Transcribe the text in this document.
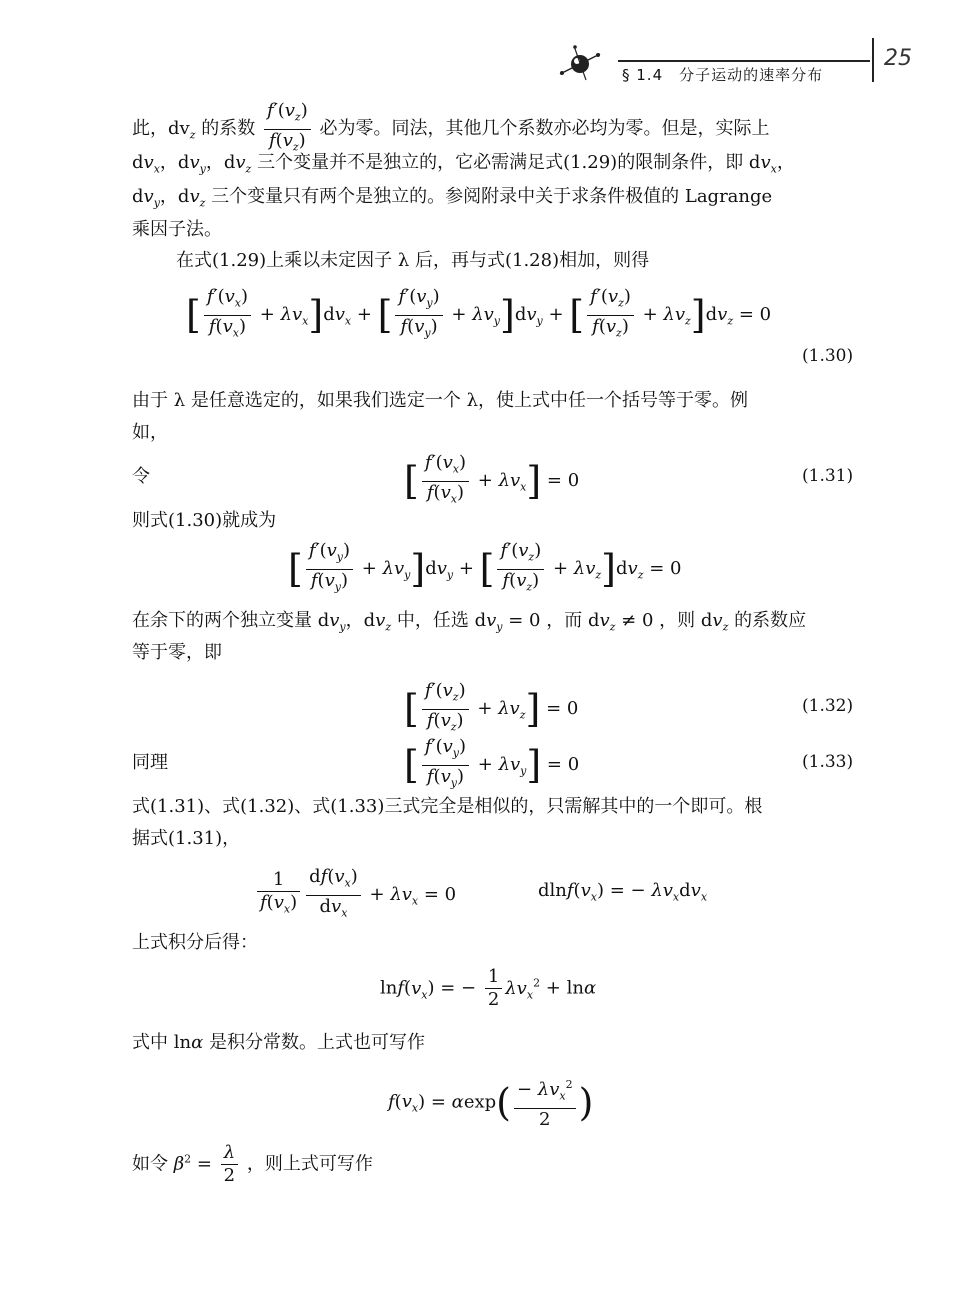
§ 1.4 分子运动的速率分布
25
此，$dv_z$ 的系数 $\frac{f'(v_z)}{f(v_z)}$ 必为零。同法，其他几个系数亦必均为零。但是，实际上
$dv_x$，$dv_y$，$dv_z$ 三个变量并不是独立的，它必需满足式(1.29)的限制条件，即 $dv_x$，
$dv_y$，$dv_z$ 三个变量只有两个是独立的。参阅附录中关于求条件极值的 Lagrange
乘因子法。
在式(1.29)上乘以未定因子 λ 后，再与式(1.28)相加，则得
[ $\frac{f'(v_x)}{f(v_x)} + \lambda v_x]dv_x$ + [ $\frac{f'(v_y)}{f(v_y)} + \lambda v_y]dv_y$ + [ $\frac{f'(v_z)}{f(v_z)} + \lambda v_z]dv_z = 0$
(1.30)
由于 λ 是任意选定的，如果我们选定一个 λ，使上式中任一个括号等于零。例
如，
令	[ $\frac{f'(v_x)}{f(v_x)} + \lambda v_x] = 0$	(1.31)
则式(1.30)就成为
[ $\frac{f'(v_y)}{f(v_y)} + \lambda v_y]dv_y$ + [ $\frac{f'(v_z)}{f(v_z)} + \lambda v_z]dv_z = 0$
在余下的两个独立变量 $dv_y$，$dv_z$ 中，任选 $dv_y = 0$ ，而 $dv_z \ne 0$ ，则 $dv_z$ 的系数应
等于零，即
[ $\frac{f'(v_z)}{f(v_z)} + \lambda v_z] = 0$	(1.32)
同理	[ $\frac{f'(v_y)}{f(v_y)} + \lambda v_y] = 0$	(1.33)
式(1.31)、式(1.32)、式(1.33)三式完全是相似的，只需解其中的一个即可。根
据式(1.31)，
$\frac{1}{f(v_x)} \frac{df(v_x)}{dv_x} + \lambda v_x = 0$	$dlnf(v_x)$ = − $\lambda v_xdv_x$
上式积分后得：
$\ln f(v_x)$ = − $\frac{1}{2} \lambda v_x^2 + \ln\alpha$
式中 lnα 是积分常数。上式也可写作
$f(v_x) = \alpha\exp( \frac{- \lambda v_x^2}{2}$ )
如令 $\beta^2 = \frac{\lambda}{2}$ ，则上式可写作
